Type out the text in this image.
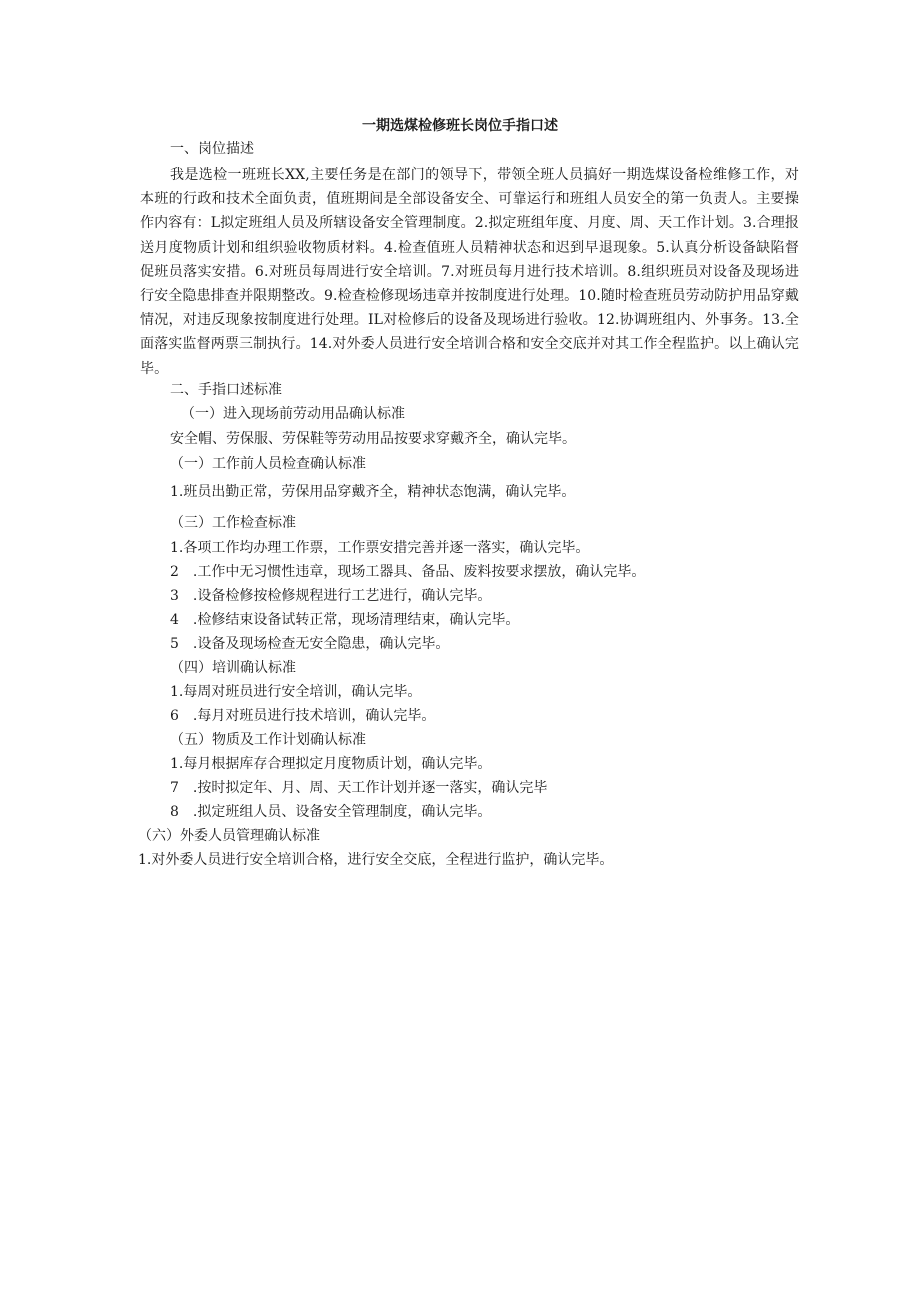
一期选煤检修班长岗位手指口述
一、岗位描述
我是选检一班班长XX,主要任务是在部门的领导下，带领全班人员搞好一期选煤设备检维修工作，对本班的行政和技术全面负责，值班期间是全部设备安全、可靠运行和班组人员安全的第一负责人。主要操作内容有：L拟定班组人员及所辖设备安全管理制度。2.拟定班组年度、月度、周、天工作计划。3.合理报送月度物质计划和组织验收物质材料。4.检查值班人员精神状态和迟到早退现象。5.认真分析设备缺陷督促班员落实安措。6.对班员每周进行安全培训。7.对班员每月进行技术培训。8.组织班员对设备及现场进行安全隐患排查并限期整改。9.检查检修现场违章并按制度进行处理。10.随时检查班员劳动防护用品穿戴情况，对违反现象按制度进行处理。IL对检修后的设备及现场进行验收。12.协调班组内、外事务。13.全面落实监督两票三制执行。14.对外委人员进行安全培训合格和安全交底并对其工作全程监护。以上确认完毕。
二、手指口述标准
（一）进入现场前劳动用品确认标准
安全帽、劳保服、劳保鞋等劳动用品按要求穿戴齐全，确认完毕。
（一）工作前人员检查确认标准
1.班员出勤正常，劳保用品穿戴齐全，精神状态饱满，确认完毕。
（三）工作检查标准
1.各项工作均办理工作票，工作票安措完善并逐一落实，确认完毕。
2　.工作中无习惯性违章，现场工器具、备品、废料按要求摆放，确认完毕。
3　.设备检修按检修规程进行工艺进行，确认完毕。
4　.检修结束设备试转正常，现场清理结束，确认完毕。
5　.设备及现场检查无安全隐患，确认完毕。
（四）培训确认标准
1.每周对班员进行安全培训，确认完毕。
6　.每月对班员进行技术培训，确认完毕。
（五）物质及工作计划确认标准
1.每月根据库存合理拟定月度物质计划，确认完毕。
7　.按时拟定年、月、周、天工作计划并逐一落实，确认完毕
8　.拟定班组人员、设备安全管理制度，确认完毕。
（六）外委人员管理确认标准
1.对外委人员进行安全培训合格，进行安全交底，全程进行监护，确认完毕。
